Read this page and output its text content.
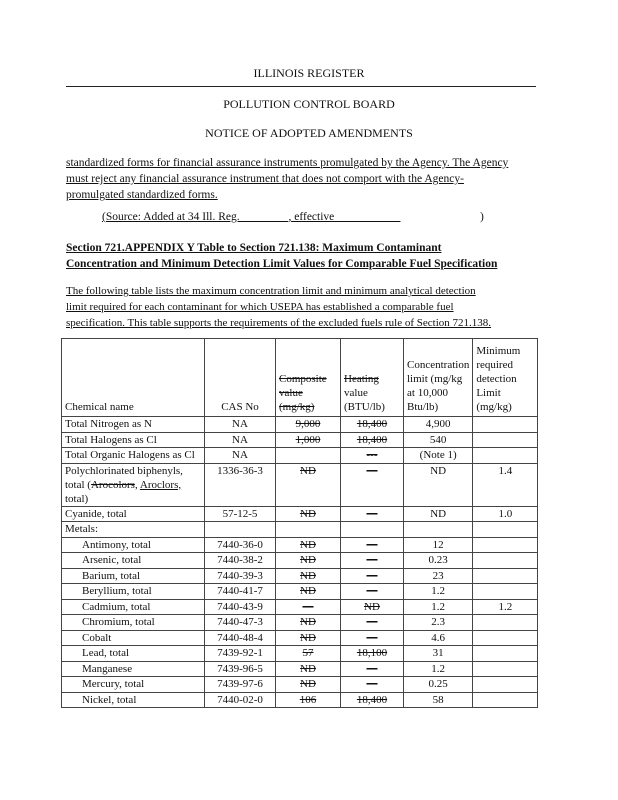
ILLINOIS REGISTER
POLLUTION CONTROL BOARD
NOTICE OF ADOPTED AMENDMENTS
standardized forms for financial assurance instruments promulgated by the Agency. The Agency
must reject any financial assurance instrument that does not comport with the Agency-
promulgated standardized forms.
(Source: Added at 34 Ill. Reg. ________, effective ___________	)
Section 721.APPENDIX Y Table to Section 721.138: Maximum Contaminant
Concentration and Minimum Detection Limit Values for Comparable Fuel Specification
The following table lists the maximum concentration limit and minimum analytical detection
limit required for each contaminant for which USEPA has established a comparable fuel
specification. This table supports the requirements of the excluded fuels rule of Section 721.138.
Chemical name	CAS No	Composite value (mg/kg)	Heating
value
(BTU/lb)	Concentration limit (mg/kg at 10,000 Btu/lb)	Minimum required detection Limit (mg/kg)
Total Nitrogen as N	NA	9,000	18,400	4,900	
Total Halogens as Cl	NA	1,000	18,400	540	
Total Organic Halogens as Cl	NA		---	(Note 1)	
Polychlorinated biphenyls, total (Arocolors, Aroclors, total)	1336-36-3	ND	—	ND	1.4
Cyanide, total	57-12-5	ND	—	ND	1.0
Metals:					
Antimony, total	7440-36-0	ND	—	12	
Arsenic, total	7440-38-2	ND	—	0.23	
Barium, total	7440-39-3	ND	—	23	
Beryllium, total	7440-41-7	ND	—	1.2	
Cadmium, total	7440-43-9	—	ND	1.2	1.2
Chromium, total	7440-47-3	ND	—	2.3	
Cobalt	7440-48-4	ND	—	4.6	
Lead, total	7439-92-1	57	18,100	31	
Manganese	7439-96-5	ND	—	1.2	
Mercury, total	7439-97-6	ND	—	0.25	
Nickel, total	7440-02-0	106	18,400	58	
